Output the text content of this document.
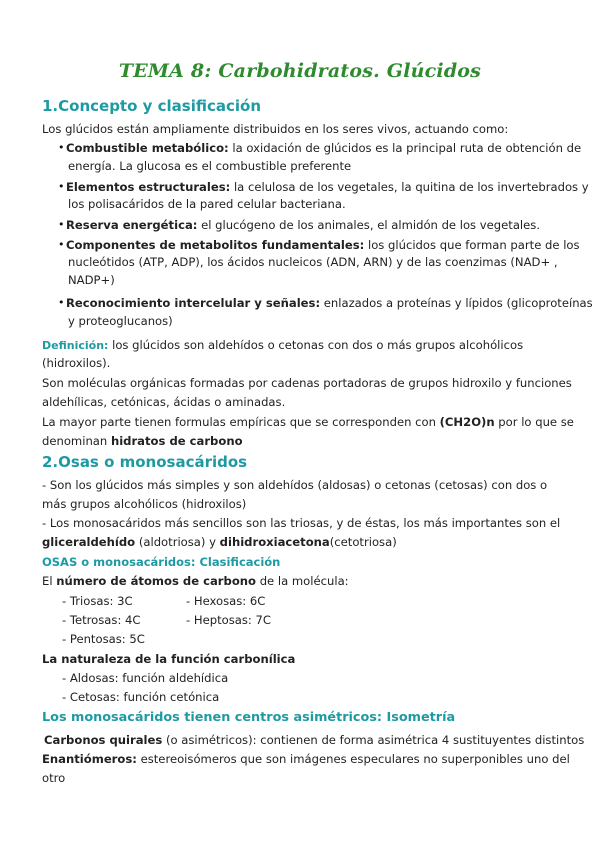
TEMA 8: Carbohidratos. Glúcidos
1.Concepto y clasificación
Los glúcidos están ampliamente distribuidos en los seres vivos, actuando como:
• Combustible metabólico: la oxidación de glúcidos es la principal ruta de obtención de
energía. La glucosa es el combustible preferente
• Elementos estructurales: la celulosa de los vegetales, la quitina de los invertebrados y
los polisacáridos de la pared celular bacteriana.
• Reserva energética: el glucógeno de los animales, el almidón de los vegetales.
• Componentes de metabolitos fundamentales: los glúcidos que forman parte de los
nucleótidos (ATP, ADP), los ácidos nucleicos (ADN, ARN) y de las coenzimas (NAD+ ,
NADP+)
• Reconocimiento intercelular y señales: enlazados a proteínas y lípidos (glicoproteínas
y proteoglucanos)
Definición: los glúcidos son aldehídos o cetonas con dos o más grupos alcohólicos
(hidroxilos).
Son moléculas orgánicas formadas por cadenas portadoras de grupos hidroxilo y funciones
aldehílicas, cetónicas, ácidas o aminadas.
La mayor parte tienen formulas empíricas que se corresponden con (CH2O)n por lo que se
denominan hidratos de carbono
2.Osas o monosacáridos
- Son los glúcidos más simples y son aldehídos (aldosas) o cetonas (cetosas) con dos o
más grupos alcohólicos (hidroxilos)
- Los monosacáridos más sencillos son las triosas, y de éstas, los más importantes son el
gliceraldehído (aldotriosa) y dihidroxiacetona(cetotriosa)
OSAS o monosacáridos: Clasificación
El número de átomos de carbono de la molécula:
- Triosas: 3C	- Hexosas: 6C
- Tetrosas: 4C	- Heptosas: 7C
- Pentosas: 5C
La naturaleza de la función carbonílica
- Aldosas: función aldehídica
- Cetosas: función cetónica
Los monosacáridos tienen centros asimétricos: Isometría
Carbonos quirales (o asimétricos): contienen de forma asimétrica 4 sustituyentes distintos
Enantiómeros: estereoisómeros que son imágenes especulares no superponibles uno del
otro
